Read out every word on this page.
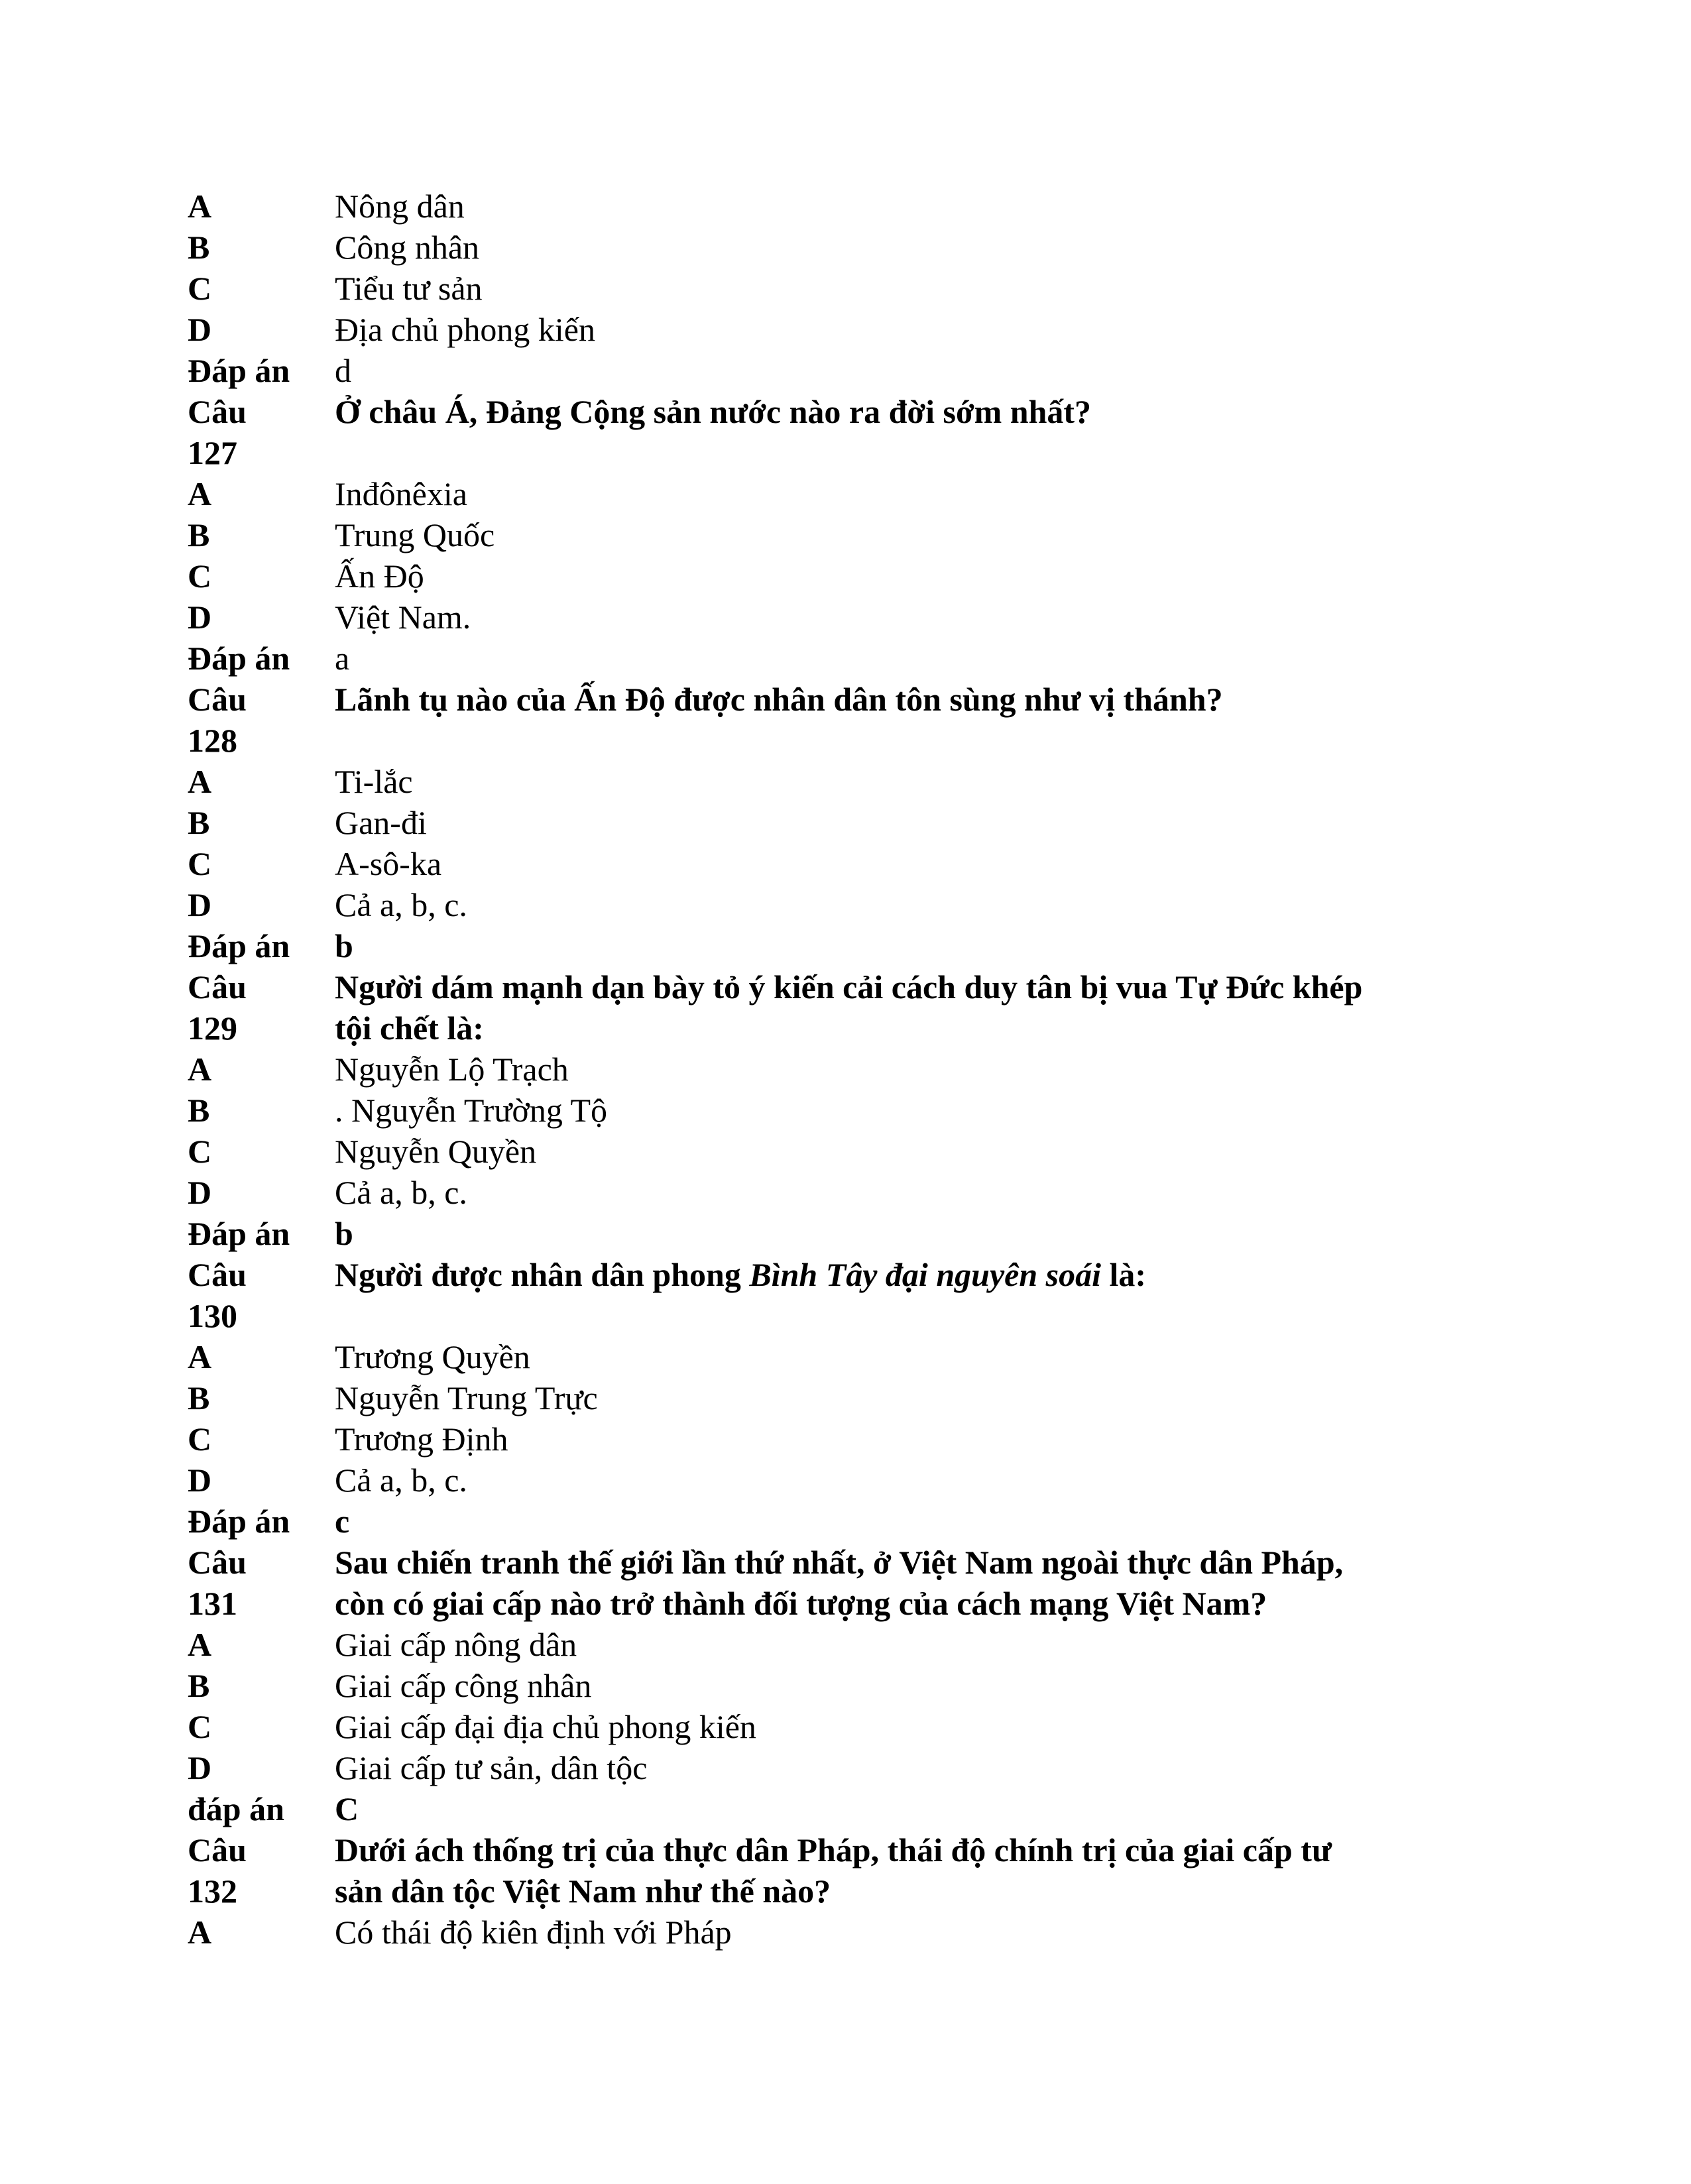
A	Nông dân
B	Công nhân
C	Tiểu tư sản
D	Địa chủ phong kiến
Đáp án	d
Câu	Ở châu Á, Đảng Cộng sản nước nào ra đời sớm nhất?
127
A	Inđônêxia
B	Trung Quốc
C	Ấn Độ
D	Việt Nam.
Đáp án	a
Câu	Lãnh tụ nào của Ấn Độ được nhân dân tôn sùng như vị thánh?
128
A	Ti-lắc
B	Gan-đi
C	A-sô-ka
D	Cả a, b, c.
Đáp án	b
Câu	Người dám mạnh dạn bày tỏ ý kiến cải cách duy tân bị vua Tự Đức khép
129	tội chết là:
A	Nguyễn Lộ Trạch
B	. Nguyễn Trường Tộ
C	Nguyễn Quyền
D	Cả a, b, c.
Đáp án	b
Câu	Người được nhân dân phong Bình Tây đại nguyên soái là:
130
A	Trương Quyền
B	Nguyễn Trung Trực
C	Trương Định
D	Cả a, b, c.
Đáp án	c
Câu	Sau chiến tranh thế giới lần thứ nhất, ở Việt Nam ngoài thực dân Pháp,
131	còn có giai cấp nào trở thành đối tượng của cách mạng Việt Nam?
A	Giai cấp nông dân
B	Giai cấp công nhân
C	Giai cấp đại địa chủ phong kiến
D	Giai cấp tư sản, dân tộc
đáp án	C
Câu	Dưới ách thống trị của thực dân Pháp, thái độ chính trị của giai cấp tư
132	sản dân tộc Việt Nam như thế nào?
A	Có thái độ kiên định với Pháp
